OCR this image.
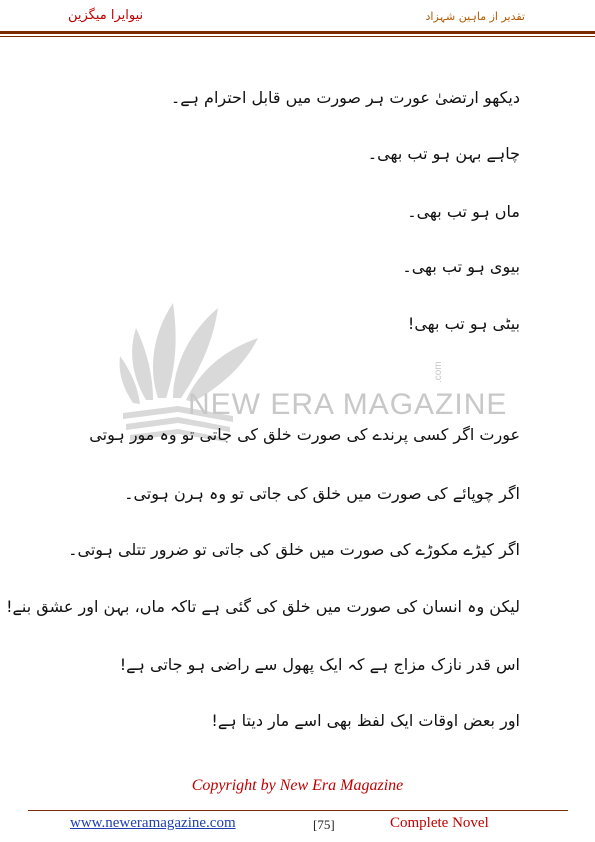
نیوایرا میگزین	تقدیر از ماہین شہزاد
NEW ERA MAGAZINE
.com
دیکھو ارتضیٰ عورت ہر صورت میں قابل احترام ہے۔
چاہے بہن ہو تب بھی۔
ماں ہو تب بھی۔
بیوی ہو تب بھی۔
بیٹی ہو تب بھی!
عورت اگر کسی پرندے کی صورت خلق کی جاتی تو وہ مور ہوتی
اگر چوپائے کی صورت میں خلق کی جاتی تو وہ ہرن ہوتی۔
اگر کیڑے مکوڑے کی صورت میں خلق کی جاتی تو ضرور تتلی ہوتی۔
لیکن وہ انسان کی صورت میں خلق کی گئی ہے تاکہ ماں، بہن اور عشق بنے!
اس قدر نازک مزاج ہے کہ ایک پھول سے راضی ہو جاتی ہے!
اور بعض اوقات ایک لفظ بھی اسے مار دیتا ہے!
Copyright by New Era Magazine
www.neweramagazine.com	[75]	Complete Novel
